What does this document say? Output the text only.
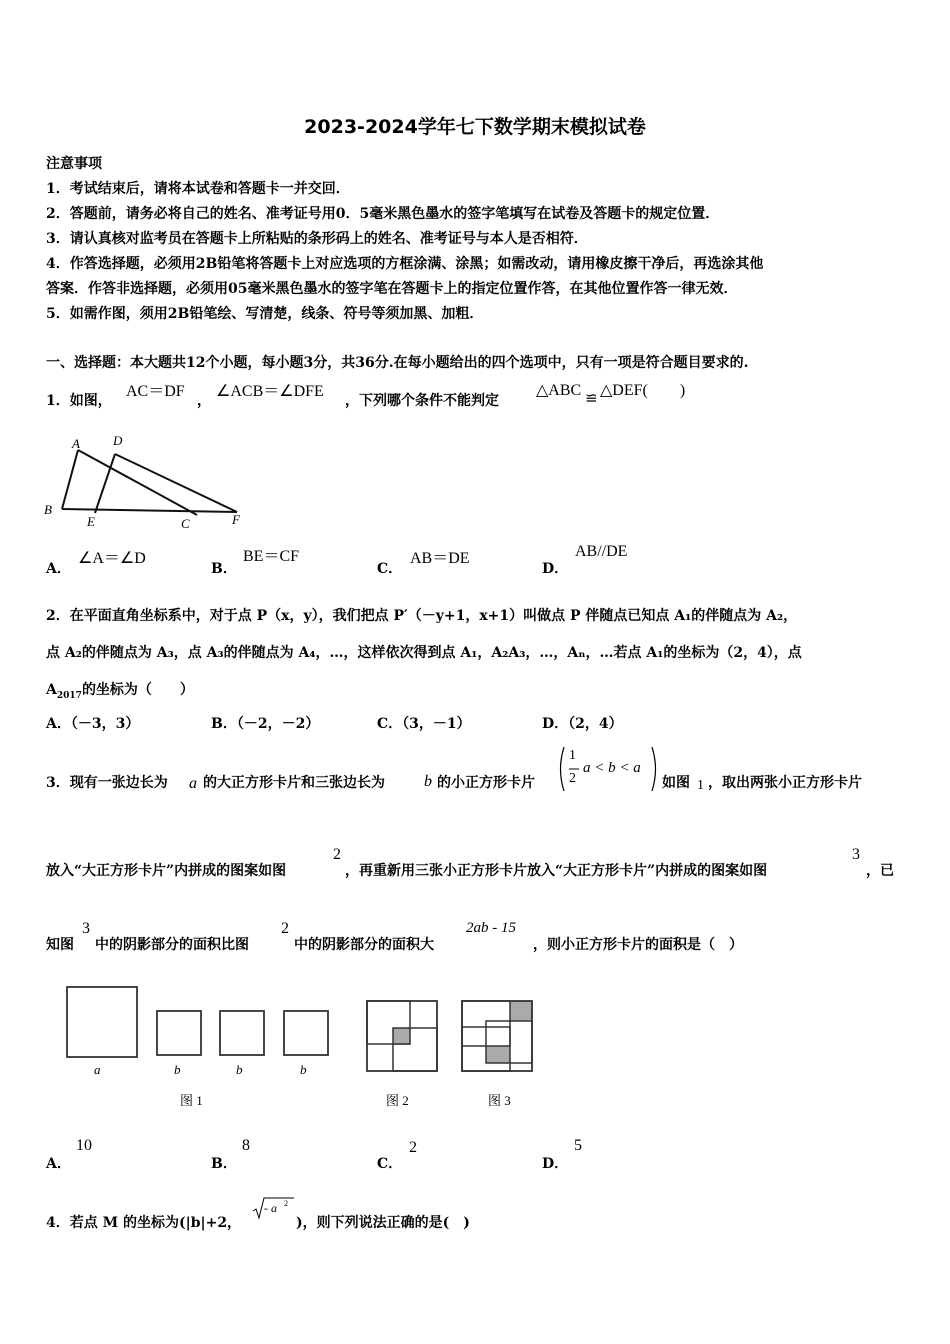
2023-2024学年七下数学期末模拟试卷
注意事项
1．考试结束后，请将本试卷和答题卡一并交回．
2．答题前，请务必将自己的姓名、准考证号用0．5毫米黑色墨水的签字笔填写在试卷及答题卡的规定位置．
3．请认真核对监考员在答题卡上所粘贴的条形码上的姓名、准考证号与本人是否相符．
4．作答选择题，必须用2B铅笔将答题卡上对应选项的方框涂满、涂黑；如需改动，请用橡皮擦干净后，再选涂其他
答案．作答非选择题，必须用05毫米黑色墨水的签字笔在答题卡上的指定位置作答，在其他位置作答一律无效．
5．如需作图，须用2B铅笔绘、写清楚，线条、符号等须加黑、加粗．
一、选择题：本大题共12个小题，每小题3分，共36分.在每小题给出的四个选项中，只有一项是符合题目要求的.
1．如图，
AC＝DF
，
∠ACB＝∠DFE
，下列哪个条件不能判定
△ABC ≌ △DEF(　　)
A	D
B
E	C	F
A．
∠A＝∠D
B．
BE＝CF
C．
AB＝DE
D．
AB//DE
2．在平面直角坐标系中，对于点 P（x，y），我们把点 P′（－y+1，x+1）叫做点 P 伴随点已知点 A₁的伴随点为 A₂，
点 A₂的伴随点为 A₃，点 A₃的伴随点为 A₄，…，这样依次得到点 A₁，A₂A₃，…，Aₙ，…若点 A₁的坐标为（2，4），点
$A_{2017}$的坐标为（　　）
A．（－3，3）	B．（－2，－2）	C．（3，－1）	D．（2，4）
3．现有一张边长为 a 的大正方形卡片和三张边长为 b 的小正方形卡片
1
2
a < b < a
如图 1 ，取出两张小正方形卡片
放入“大正方形卡片”内拼成的图案如图
2
，再重新用三张小正方形卡片放入“大正方形卡片”内拼成的图案如图
3
，已
知图
3
中的阴影部分的面积比图
2
中的阴影部分的面积大
2ab - 15
，则小正方形卡片的面积是（　）
a	b	b	b
图 1	图 2	图 3
A．
10
B．
8
C．
2
D．
5
4．若点 M 的坐标为(|b|+2，
- a 2
)，则下列说法正确的是(　)
